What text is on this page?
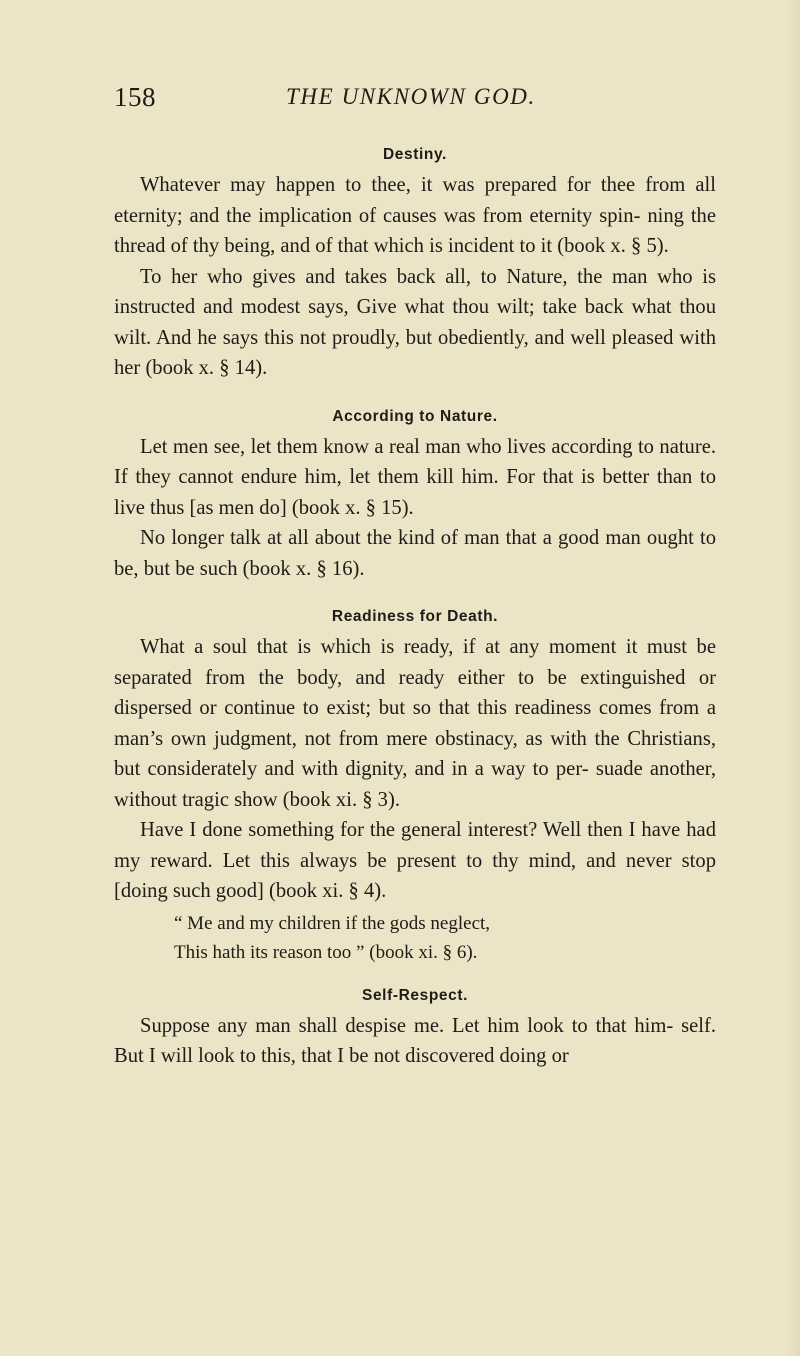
158	THE UNKNOWN GOD.
Destiny.

Whatever may happen to thee, it was prepared for thee from all eternity; and the implication of causes was from eternity spin- ning the thread of thy being, and of that which is incident to it (book x. § 5).

To her who gives and takes back all, to Nature, the man who is instructed and modest says, Give what thou wilt; take back what thou wilt. And he says this not proudly, but obediently, and well pleased with her (book x. § 14).

According to Nature.

Let men see, let them know a real man who lives according to nature. If they cannot endure him, let them kill him. For that is better than to live thus [as men do] (book x. § 15).

No longer talk at all about the kind of man that a good man ought to be, but be such (book x. § 16).

Readiness for Death.

What a soul that is which is ready, if at any moment it must be separated from the body, and ready either to be extinguished or dispersed or continue to exist; but so that this readiness comes from a man’s own judgment, not from mere obstinacy, as with the Christians, but considerately and with dignity, and in a way to per- suade another, without tragic show (book xi. § 3).

Have I done something for the general interest? Well then I have had my reward. Let this always be present to thy mind, and never stop [doing such good] (book xi. § 4).

“ Me and my children if the gods neglect,
This hath its reason too ” (book xi. § 6).
Self-Respect.

Suppose any man shall despise me. Let him look to that him- self. But I will look to this, that I be not discovered doing or
